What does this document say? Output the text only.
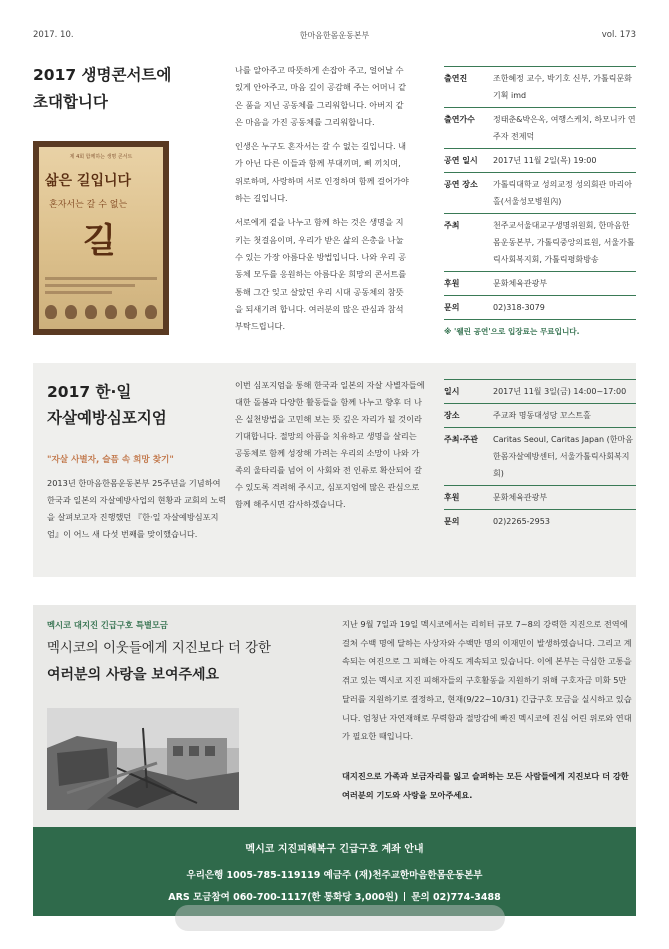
2017. 10.	한마음한몸운동본부	vol. 173
2017 생명콘서트에
초대합니다
제 4회 함께하는 생명 콘서트
삶은 길입니다
혼자서는 갈 수 없는
길

나를 알아주고 따뜻하게 손잡아 주고, 얼어날 수 있게 안아주고, 마음 깊이 공감해 주는 어머니 같은 품을 지닌 공동체를 그리워합니다. 아버지 같은 마음을 가진 공동체를 그리워합니다.

인생은 누구도 혼자서는 갈 수 없는 길입니다. 내가 아닌 다른 이들과 함께 부대끼며, 삐 끼치며, 위로하며, 사랑하며 서로 인정하며 함께 걸어가야 하는 길입니다.

서로에게 곁을 나누고 함께 하는 것은 생명을 지키는 첫걸음이며, 우리가 받은 삶의 은총을 나눌 수 있는 가장 아름다운 방법입니다. 나와 우리 공동체 모두를 응원하는 아름다운 희망의 콘서트를 통해 그간 잊고 살았던 우리 시대 공동체의 참뜻을 되새기려 합니다. 여러분의 많은 관심과 참석 부탁드립니다.

출연진	조한혜정 교수, 박기호 신부, 가톨릭문화기획 imd
출연가수	정태춘&박은옥, 여행스케치, 하모니카 연주자 전제덕
공연 일시	2017년 11월 2일(목) 19:00
공연 장소	가톨릭대학교 성의교정 성의회관 마리아홀(서울성모병원內)
주최	천주교서울대교구생명위원회, 한마음한몸운동본부, 가톨릭중앙의료원, 서울가톨릭사회복지회, 가톨릭평화방송
후원	문화체육관광부
문의	02)318-3079
※ '웰린 공연'으로 입장료는 무료입니다.
2017 한·일
자살예방심포지엄
"자살 사별자, 슬픔 속 희망 찾기"
2013년 한마음한몸운동본부 25주년을 기념하여 한국과 일본의 자살예방사업의 현황과 교회의 노력을 살펴보고자 진행했던 『한·일 자살예방심포지엄』이 어느 새 다섯 번째를 맞이했습니다.
이번 심포지엄을 통해 한국과 일본의 자살 사별자들에 대한 돌봄과 다양한 활동들을 함께 나누고 향후 더 나은 실천방법을 고민해 보는 뜻 깊은 자리가 될 것이라 기대합니다. 절망의 아픔을 치유하고 생명을 살리는 공동체로 함께 성장해 가려는 우리의 소망이 나와 가족의 울타리를 넘어 이 사회와 전 인류로 확산되어 갈 수 있도록 격려해 주시고, 심포지엄에 많은 관심으로 함께 해주시면 감사하겠습니다.
일시	2017년 11월 3일(금) 14:00~17:00
장소	주교좌 명동대성당 꼬스트홀
주최·주관	Caritas Seoul, Caritas Japan (한마음한몸자살예방센터, 서울가톨릭사회복지회)
후원	문화체육관광부
문의	02)2265-2953
멕시코 대지진 긴급구호 특별모금
멕시코의 이웃들에게 지진보다 더 강한
여러분의 사랑을 보여주세요
지난 9월 7일과 19일 멕시코에서는 리히터 규모 7~8의 강력한 지진으로 전역에 걸쳐 수백 명에 달하는 사상자와 수백만 명의 이재민이 발생하였습니다. 그리고 계속되는 여진으로 그 피해는 아직도 계속되고 있습니다. 이에 본부는 극심한 고통을 겪고 있는 멕시코 지진 피해자들의 구호활동을 지원하기 위해 구호자금 미화 5만 달러를 지원하기로 결정하고, 현재(9/22~10/31) 긴급구호 모금을 실시하고 있습니다. 엄청난 자연재해로 무력함과 절망감에 빠진 멕시코에 진심 어린 위로와 연대가 필요한 때입니다.
대지진으로 가족과 보금자리를 잃고 슬퍼하는 모든 사람들에게 지진보다 더 강한 여러분의 기도와 사랑을 모아주세요.
멕시코 지진피해복구 긴급구호 계좌 안내
우리은행 1005-785-119119 예금주 (재)천주교한마음한몸운동본부
ARS 모금참여 060-700-1117(한 통화당 3,000원) 문의 02)774-3488
